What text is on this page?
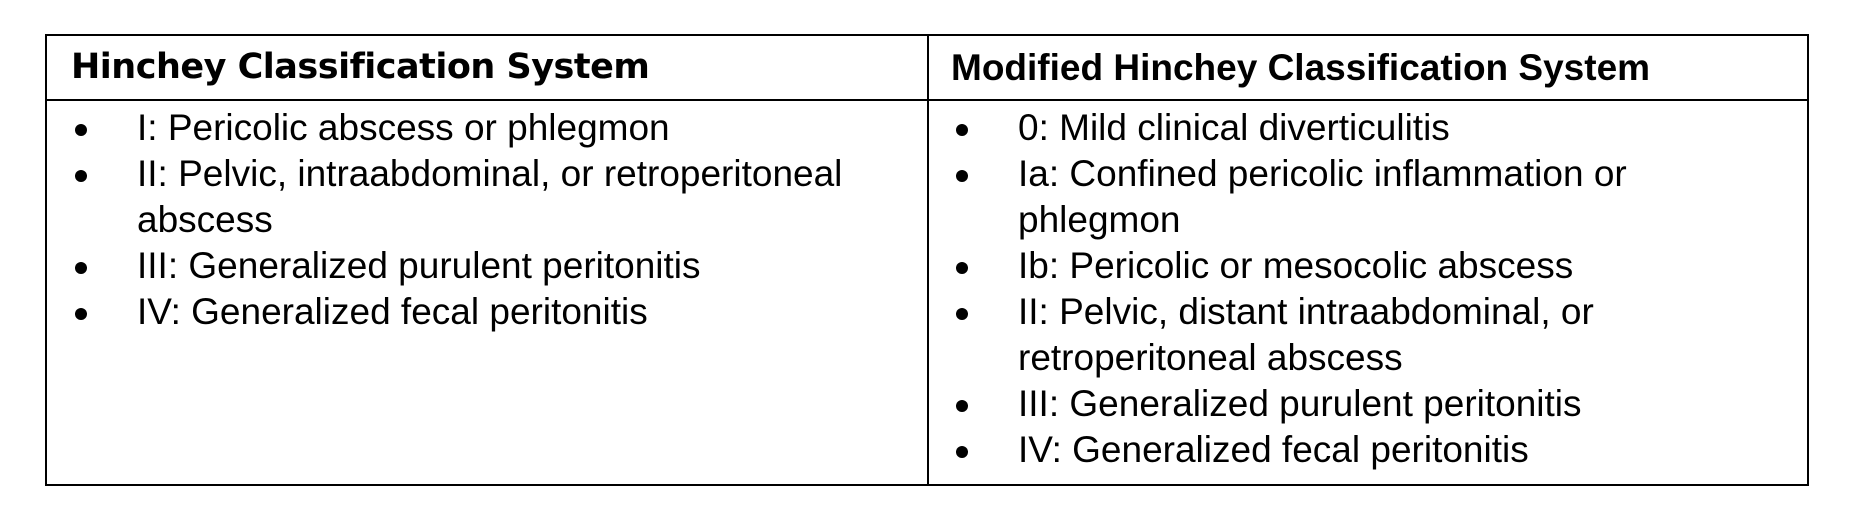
Hinchey Classification System	Modified Hinchey Classification System
I: Pericolic abscess or phlegmon
II: Pelvic, intraabdominal, or retroperitoneal abscess
III: Generalized purulent peritonitis
IV: Generalized fecal peritonitis
0: Mild clinical diverticulitis
Ia: Confined pericolic inflammation or phlegmon
Ib: Pericolic or mesocolic abscess
II: Pelvic, distant intraabdominal, or retroperitoneal abscess
III: Generalized purulent peritonitis
IV: Generalized fecal peritonitis
